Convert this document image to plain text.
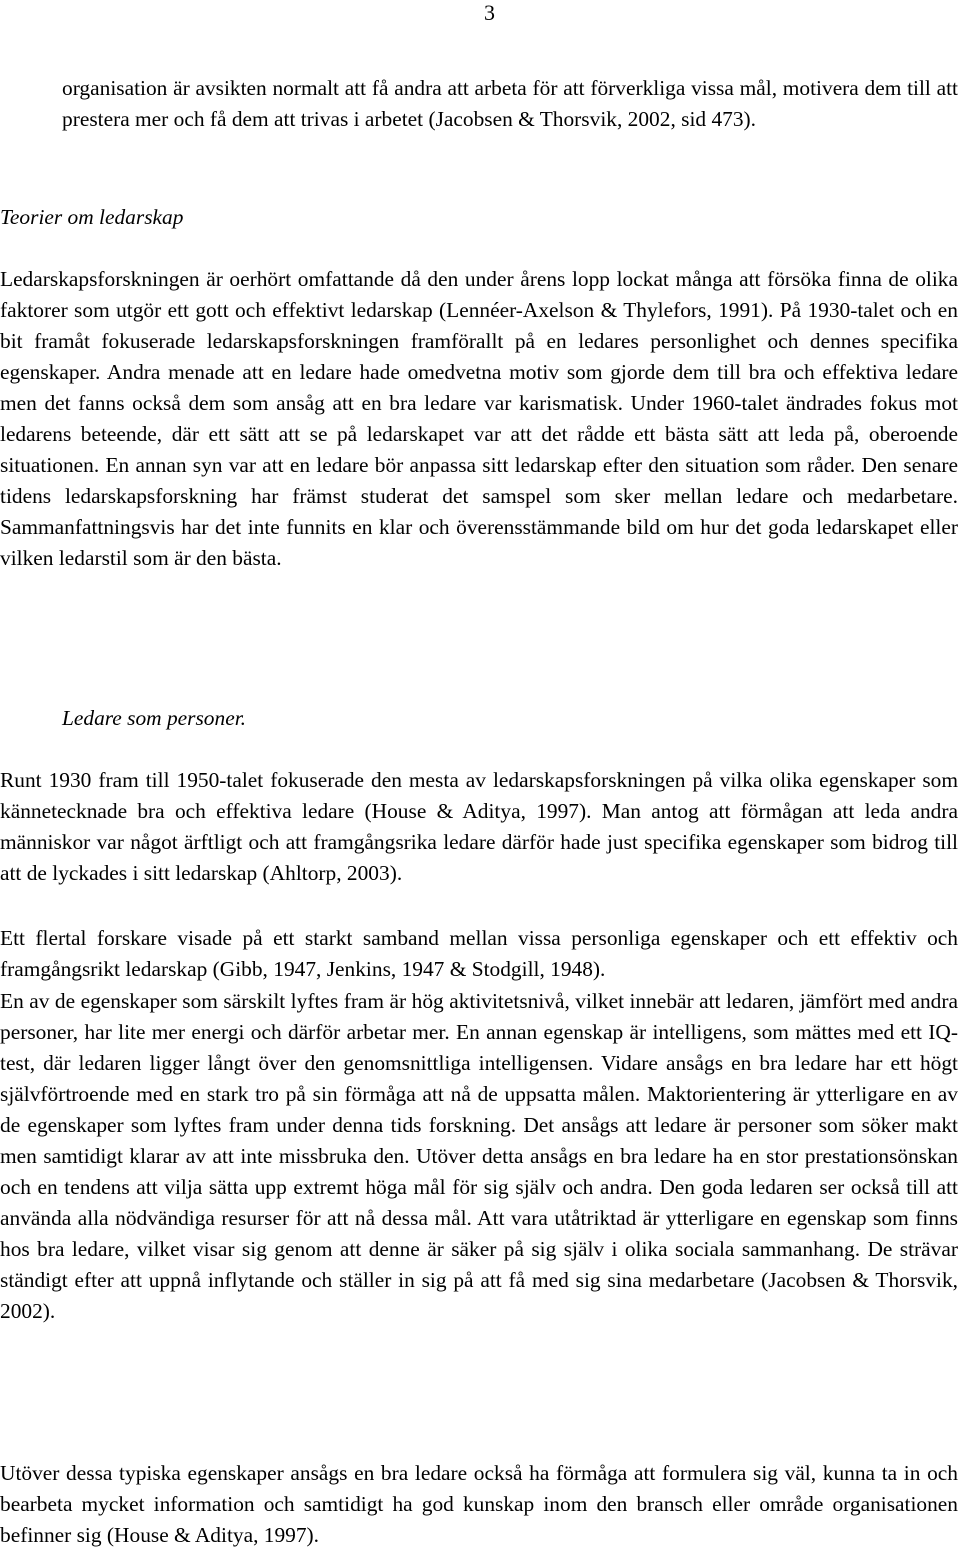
3

organisation är avsikten normalt att få andra att arbeta för att förverkliga vissa mål, motivera dem till att prestera mer och få dem att trivas i arbetet (Jacobsen & Thorsvik, 2002, sid 473).

Teorier om ledarskap

Ledarskapsforskningen är oerhört omfattande då den under årens lopp lockat många att försöka finna de olika faktorer som utgör ett gott och effektivt ledarskap (Lennéer-Axelson & Thylefors, 1991). På 1930-talet och en bit framåt fokuserade ledarskapsforskningen framförallt på en ledares personlighet och dennes specifika egenskaper. Andra menade att en ledare hade omedvetna motiv som gjorde dem till bra och effektiva ledare men det fanns också dem som ansåg att en bra ledare var karismatisk. Under 1960-talet ändrades fokus mot ledarens beteende, där ett sätt att se på ledarskapet var att det rådde ett bästa sätt att leda på, oberoende situationen. En annan syn var att en ledare bör anpassa sitt ledarskap efter den situation som råder. Den senare tidens ledarskapsforskning har främst studerat det samspel som sker mellan ledare och medarbetare. Sammanfattningsvis har det inte funnits en klar och överensstämmande bild om hur det goda ledarskapet eller vilken ledarstil som är den bästa.

Ledare som personer.

Runt 1930 fram till 1950-talet fokuserade den mesta av ledarskapsforskningen på vilka olika egenskaper som kännetecknade bra och effektiva ledare (House & Aditya, 1997). Man antog att förmågan att leda andra människor var något ärftligt och att framgångsrika ledare därför hade just specifika egenskaper som bidrog till att de lyckades i sitt ledarskap (Ahltorp, 2003).

Ett flertal forskare visade på ett starkt samband mellan vissa personliga egenskaper och ett effektiv och framgångsrikt ledarskap (Gibb, 1947, Jenkins, 1947 & Stodgill, 1948).

En av de egenskaper som särskilt lyftes fram är hög aktivitetsnivå, vilket innebär att ledaren, jämfört med andra personer, har lite mer energi och därför arbetar mer. En annan egenskap är intelligens, som mättes med ett IQ-test, där ledaren ligger långt över den genomsnittliga intelligensen. Vidare ansågs en bra ledare har ett högt självförtroende med en stark tro på sin förmåga att nå de uppsatta målen. Maktorientering är ytterligare en av de egenskaper som lyftes fram under denna tids forskning. Det ansågs att ledare är personer som söker makt men samtidigt klarar av att inte missbruka den. Utöver detta ansågs en bra ledare ha en stor prestationsönskan och en tendens att vilja sätta upp extremt höga mål för sig själv och andra. Den goda ledaren ser också till att använda alla nödvändiga resurser för att nå dessa mål. Att vara utåtriktad är ytterligare en egenskap som finns hos bra ledare, vilket visar sig genom att denne är säker på sig själv i olika sociala sammanhang. De strävar ständigt efter att uppnå inflytande och ställer in sig på att få med sig sina medarbetare (Jacobsen & Thorsvik, 2002).

Utöver dessa typiska egenskaper ansågs en bra ledare också ha förmåga att formulera sig väl, kunna ta in och bearbeta mycket information och samtidigt ha god kunskap inom den bransch eller område organisationen befinner sig (House & Aditya, 1997).
